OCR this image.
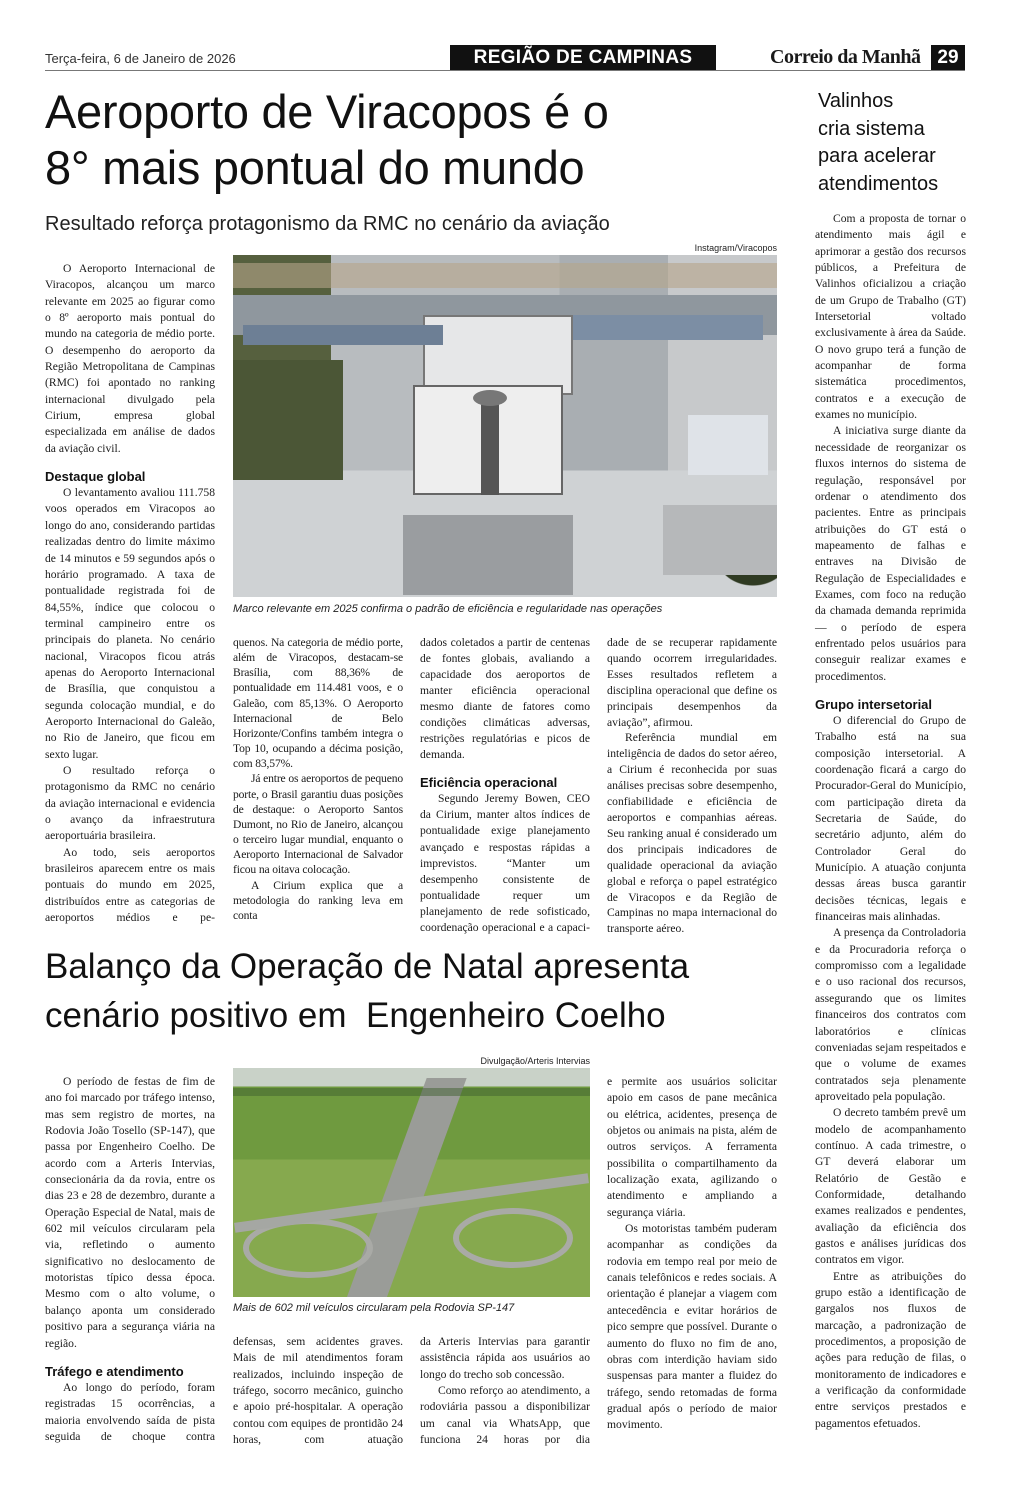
Terça-feira, 6 de Janeiro de 2026	REGIÃO DE CAMPINAS	Correio da Manhã 29
Aeroporto de Viracopos é o
8° mais pontual do mundo
Resultado reforça protagonismo da RMC no cenário da aviação
Instagram/Viracopos
Marco relevante em 2025 confirma o padrão de eficiência e regularidade nas operações

O Aeroporto Internacional de Viracopos, alcançou um marco relevante em 2025 ao figurar como o 8º aeroporto mais pontual do mundo na categoria de médio porte. O desempenho do aeroporto da Região Metropolitana de Campinas (RMC) foi apontado no ranking internacional divulgado pela Cirium, empresa global especializada em análise de dados da aviação civil.

Destaque global

O levantamento avaliou 111.758 voos operados em Viracopos ao longo do ano, considerando partidas realizadas dentro do limite máximo de 14 minutos e 59 segundos após o horário programado. A taxa de pontualidade registrada foi de 84,55%, índice que colocou o terminal campineiro entre os principais do planeta. No cenário nacional, Viracopos ficou atrás apenas do Aeroporto Internacional de Brasília, que conquistou a segunda colocação mundial, e do Aeroporto Internacional do Galeão, no Rio de Janeiro, que ficou em sexto lugar.

O resultado reforça o protagonismo da RMC no cenário da aviação internacional e evidencia o avanço da infraestrutura aeroportuária brasileira.

Ao todo, seis aeroportos brasileiros aparecem entre os mais pontuais do mundo em 2025, distribuídos entre as categorias de aeroportos médios e pe-

quenos. Na categoria de médio porte, além de Viracopos, destacam-se Brasília, com 88,36% de pontualidade em 114.481 voos, e o Galeão, com 85,13%. O Aeroporto Internacional de Belo Horizonte/Confins também integra o Top 10, ocupando a décima posição, com 83,57%.

Já entre os aeroportos de pequeno porte, o Brasil garantiu duas posições de destaque: o Aeroporto Santos Dumont, no Rio de Janeiro, alcançou o terceiro lugar mundial, enquanto o Aeroporto Internacional de Salvador ficou na oitava colocação.

A Cirium explica que a metodologia do ranking leva em conta

dados coletados a partir de centenas de fontes globais, avaliando a capacidade dos aeroportos de manter eficiência operacional mesmo diante de fatores como condições climáticas adversas, restrições regulatórias e picos de demanda.

Eficiência operacional

Segundo Jeremy Bowen, CEO da Cirium, manter altos índices de pontualidade exige planejamento avançado e respostas rápidas a imprevistos. “Manter um desempenho consistente de pontualidade requer um planejamento de rede sofisticado, coordenação operacional e a capaci-

dade de se recuperar rapidamente quando ocorrem irregularidades. Esses resultados refletem a disciplina operacional que define os principais desempenhos da aviação”, afirmou.

Referência mundial em inteligência de dados do setor aéreo, a Cirium é reconhecida por suas análises precisas sobre desempenho, confiabilidade e eficiência de aeroportos e companhias aéreas. Seu ranking anual é considerado um dos principais indicadores de qualidade operacional da aviação global e reforça o papel estratégico de Viracopos e da Região de Campinas no mapa internacional do transporte aéreo.

Valinhos
cria sistema
para acelerar
atendimentos

Com a proposta de tornar o atendimento mais ágil e aprimorar a gestão dos recursos públicos, a Prefeitura de Valinhos oficializou a criação de um Grupo de Trabalho (GT) Intersetorial voltado exclusivamente à área da Saúde. O novo grupo terá a função de acompanhar de forma sistemática procedimentos, contratos e a execução de exames no município.

A iniciativa surge diante da necessidade de reorganizar os fluxos internos do sistema de regulação, responsável por ordenar o atendimento dos pacientes. Entre as principais atribuições do GT está o mapeamento de falhas e entraves na Divisão de Regulação de Especialidades e Exames, com foco na redução da chamada demanda reprimida — o período de espera enfrentado pelos usuários para conseguir realizar exames e procedimentos.

Grupo intersetorial

O diferencial do Grupo de Trabalho está na sua composição intersetorial. A coordenação ficará a cargo do Procurador-Geral do Município, com participação direta da Secretaria de Saúde, do secretário adjunto, além do Controlador Geral do Município. A atuação conjunta dessas áreas busca garantir decisões técnicas, legais e financeiras mais alinhadas.

A presença da Controladoria e da Procuradoria reforça o compromisso com a legalidade e o uso racional dos recursos, assegurando que os limites financeiros dos contratos com laboratórios e clínicas conveniadas sejam respeitados e que o volume de exames contratados seja plenamente aproveitado pela população.

O decreto também prevê um modelo de acompanhamento contínuo. A cada trimestre, o GT deverá elaborar um Relatório de Gestão e Conformidade, detalhando exames realizados e pendentes, avaliação da eficiência dos gastos e análises jurídicas dos contratos em vigor.

Entre as atribuições do grupo estão a identificação de gargalos nos fluxos de marcação, a padronização de procedimentos, a proposição de ações para redução de filas, o monitoramento de indicadores e a verificação da conformidade entre serviços prestados e pagamentos efetuados.

Balanço da Operação de Natal apresenta
cenário positivo em  Engenheiro Coelho
Divulgação/Arteris Intervias
Mais de 602 mil veículos circularam pela Rodovia SP-147

O período de festas de fim de ano foi marcado por tráfego intenso, mas sem registro de mortes, na Rodovia João Tosello (SP-147), que passa por Engenheiro Coelho. De acordo com a Arteris Intervias, consecionária da da rovia, entre os dias 23 e 28 de dezembro, durante a Operação Especial de Natal, mais de 602 mil veículos circularam pela via, refletindo o aumento significativo no deslocamento de motoristas típico dessa época. Mesmo com o alto volume, o balanço aponta um considerado positivo para a segurança viária na região.

Tráfego e atendimento

Ao longo do período, foram registradas 15 ocorrências, a maioria envolvendo saída de pista seguida de choque contra

defensas, sem acidentes graves. Mais de mil atendimentos foram realizados, incluindo inspeção de tráfego, socorro mecânico, guincho e apoio pré-hospitalar. A operação contou com equipes de prontidão 24 horas, com atuação

da Arteris Intervias para garantir assistência rápida aos usuários ao longo do trecho sob concessão.

Como reforço ao atendimento, a rodoviária passou a disponibilizar um canal via WhatsApp, que funciona 24 horas por dia

e permite aos usuários solicitar apoio em casos de pane mecânica ou elétrica, acidentes, presença de objetos ou animais na pista, além de outros serviços. A ferramenta possibilita o compartilhamento da localização exata, agilizando o atendimento e ampliando a segurança viária.

Os motoristas também puderam acompanhar as condições da rodovia em tempo real por meio de canais telefônicos e redes sociais. A orientação é planejar a viagem com antecedência e evitar horários de pico sempre que possível. Durante o aumento do fluxo no fim de ano, obras com interdição haviam sido suspensas para manter a fluidez do tráfego, sendo retomadas de forma gradual após o período de maior movimento.
